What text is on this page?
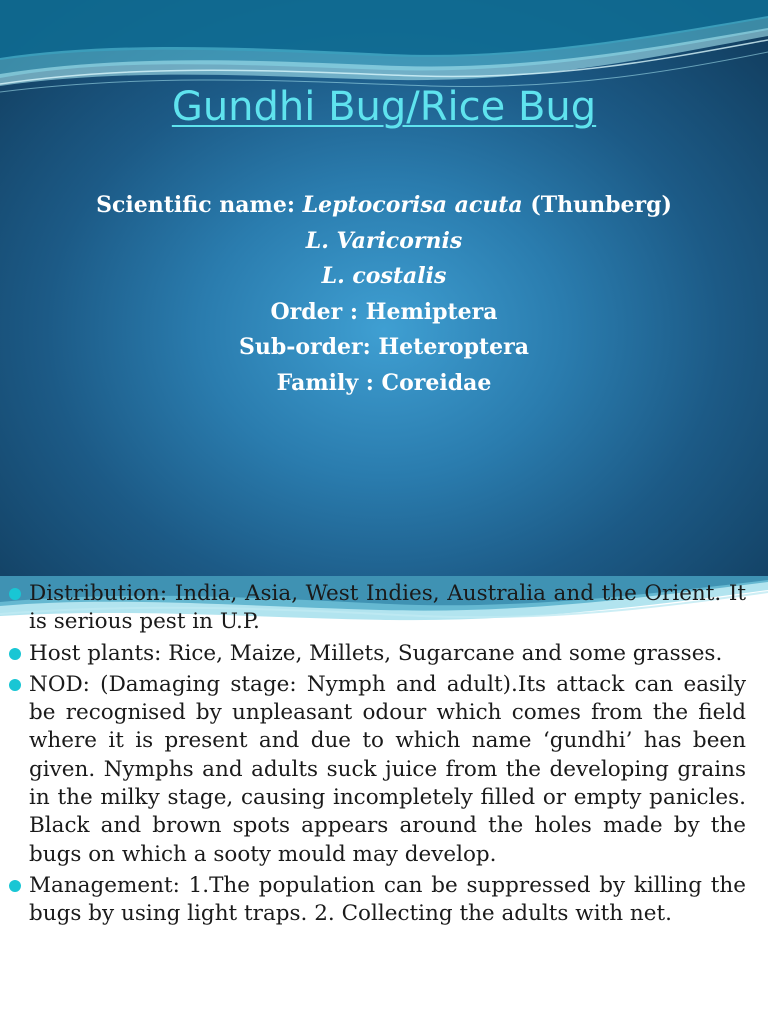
Gundhi Bug/Rice Bug
Scientific name: Leptocorisa acuta (Thunberg)
L. Varicornis
L. costalis
Order : Hemiptera
Sub-order: Heteroptera
Family : Coreidae

Distribution: India, Asia, West Indies, Australia and the Orient. It is serious pest in U.P.

Host plants: Rice, Maize, Millets, Sugarcane and some grasses.

NOD: (Damaging stage: Nymph and adult).Its attack can easily be recognised by unpleasant odour which comes from the field where it is present and due to which name ‘gundhi’ has been given. Nymphs and adults suck juice from the developing grains in the milky stage, causing incompletely filled or empty panicles. Black and brown spots appears around the holes made by the bugs on which a sooty mould may develop.

Management: 1.The population can be suppressed by killing the bugs by using light traps. 2. Collecting the adults with net.
